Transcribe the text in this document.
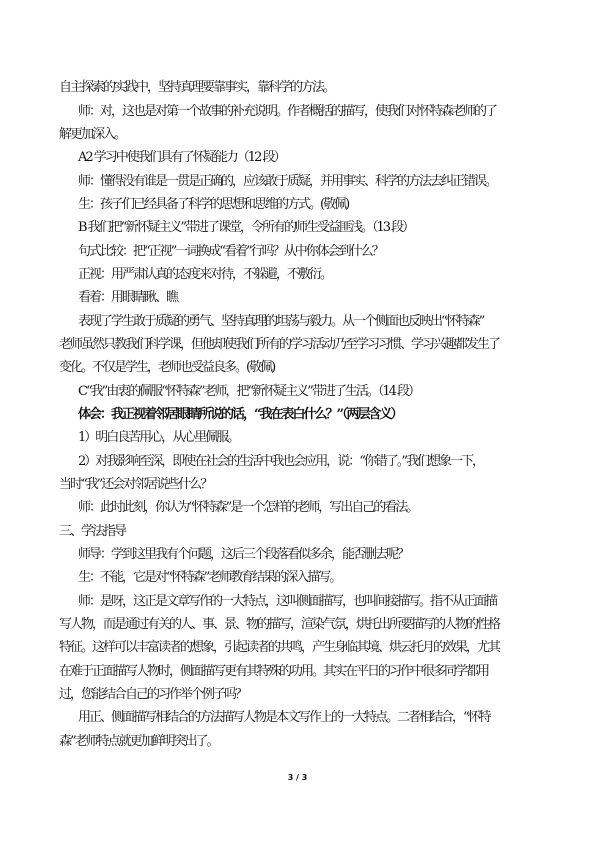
自主探索的实践中，坚持真理要靠事实，靠科学的方法。
师：对，这也是对第一个故事的补充说明。作者概括的描写，使我们对怀特森老师的了
解更加深入。
A2 学习中使我们具有了怀疑能力（12 段）
师：懂得没有谁是一贯是正确的，应该敢于质疑，并用事实、科学的方法去纠正错误。
生：孩子们已经具备了科学的思想和思维的方式。(敬佩)
B 我们把“新怀疑主义”带进了课堂，令所有的师生受益匪浅。（13 段）
句式比较：把“正视”一词换成“看着”行吗？从中你体会到什么？
正视：用严肃认真的态度来对待，不躲避，不敷衍。
看着：用眼睛瞅、瞧
表现了学生敢于质疑的勇气、坚持真理的坦荡与毅力。从一个侧面也反映出“怀特森”
老师虽然只教我们科学课，但他却使我们所有的学习活动乃至学习习惯、学习兴趣都发生了
变化。不仅是学生，老师也受益良多。(敬佩)
C“我”由衷的佩服“怀特森”老师，把“新怀疑主义”带进了生活。（14 段）
体会：我正视着邻居眼睛所说的话，“我在表白什么？”（两层含义）
1）明白良苦用心，从心里佩服。
2）对我影响至深，即使在社会的生活中我也会应用，说：“你错了。”我们想象一下，
当时“我”还会对邻居说些什么？
师：此时此刻，你认为“怀特森”是一个怎样的老师，写出自己的看法。
三、学法指导
师导：学到这里我有个问题，这后三个段落看似多余，能否删去呢？
生：不能，它是对“怀特森”老师教育结果的深入描写。
师：是呀，这正是文章写作的一大特点，这叫侧面描写，也叫间接描写。指不从正面描
写人物，而是通过有关的人、事、景、物的描写，渲染气氛，烘托出所要描写的人物的性格
特征。这样可以丰富读者的想象，引起读者的共鸣，产生身临其境、烘云托月的效果，尤其
在难于正面描写人物时，侧面描写更有其特殊的功用。其实在平日的习作中很多同学都用
过，您能结合自己的习作举个例子吗？
用正、侧面描写相结合的方法描写人物是本文写作上的一大特点。二者相结合，“怀特
森”老师特点就更加鲜明突出了。
3 / 3
